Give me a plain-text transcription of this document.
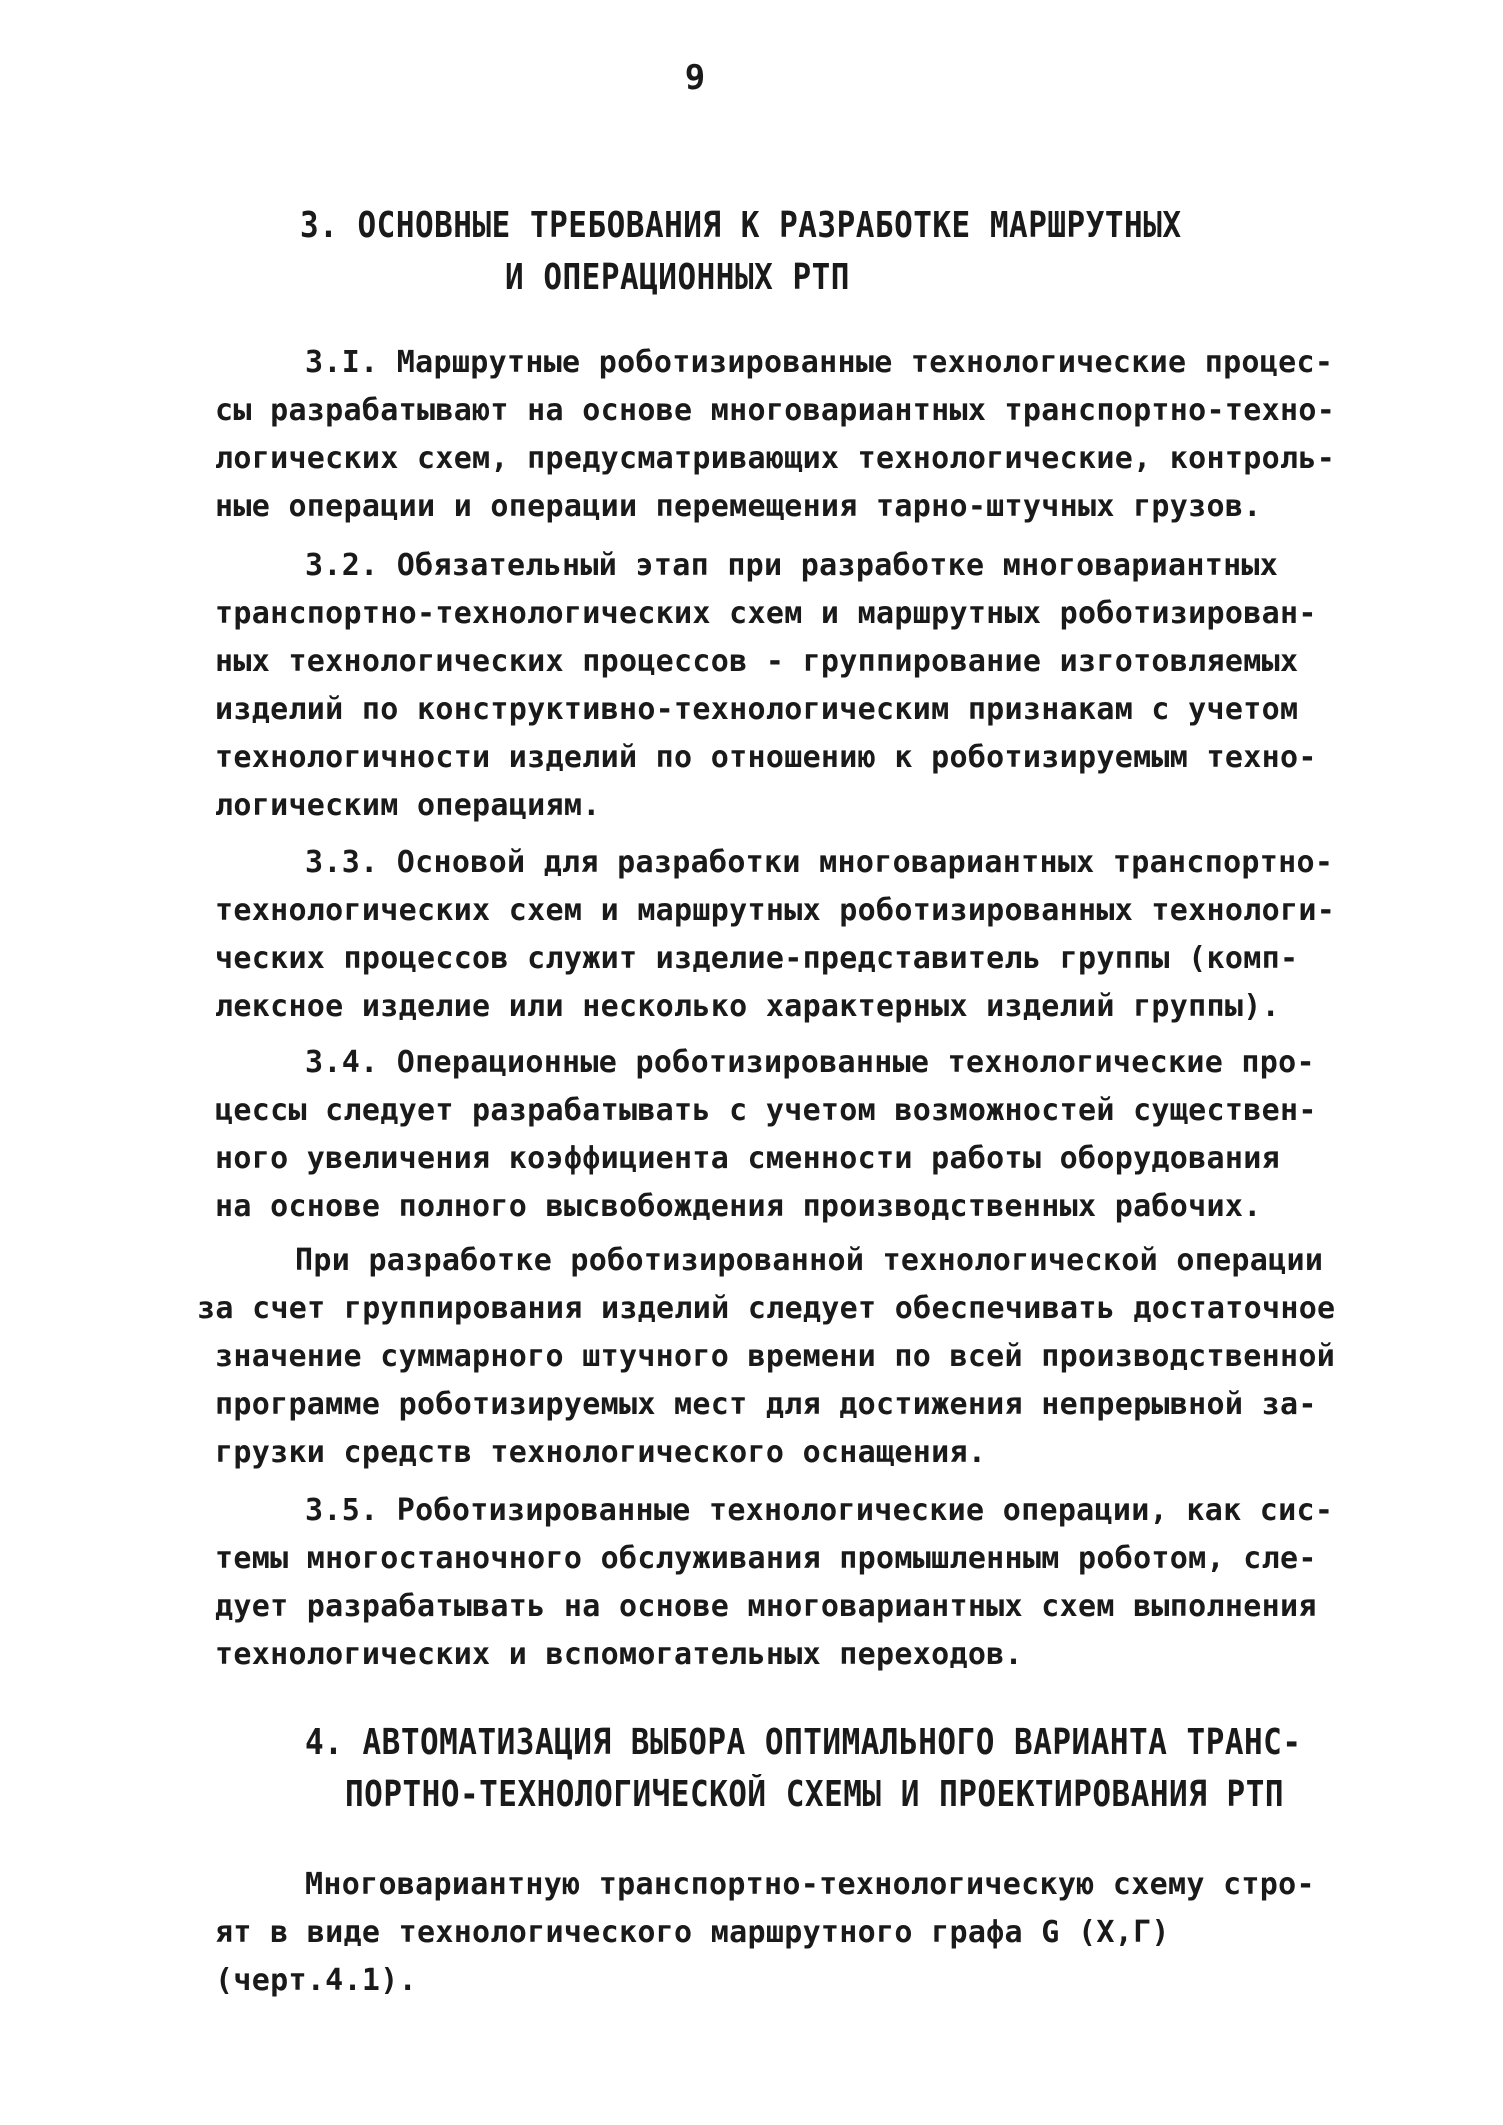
9
3. ОСНОВНЫЕ ТРЕБОВАНИЯ К РАЗРАБОТКЕ МАРШРУТНЫХ
И ОПЕРАЦИОННЫХ РТП
3.I. Маршрутные роботизированные технологические процес-
сы разрабатывают на основе многовариантных транспортно-техно-
логических схем, предусматривающих технологические, контроль-
ные операции и операции перемещения тарно-штучных грузов.
3.2. Обязательный этап при разработке многовариантных
транспортно-технологических схем и маршрутных роботизирован-
ных технологических процессов - группирование изготовляемых
изделий по конструктивно-технологическим признакам с учетом
технологичности изделий по отношению к роботизируемым техно-
логическим операциям.
3.3. Основой для разработки многовариантных транспортно-
технологических схем и маршрутных роботизированных технологи-
ческих процессов служит изделие-представитель группы (комп-
лексное изделие или несколько характерных изделий группы).
3.4. Операционные роботизированные технологические про-
цессы следует разрабатывать с учетом возможностей существен-
ного увеличения коэффициента сменности работы оборудования
на основе полного высвобождения производственных рабочих.
При разработке роботизированной технологической операции
за счет группирования изделий следует обеспечивать достаточное
значение суммарного штучного времени по всей производственной
программе роботизируемых мест для достижения непрерывной за-
грузки средств технологического оснащения.
3.5. Роботизированные технологические операции, как сис-
темы многостаночного обслуживания промышленным роботом, сле-
дует разрабатывать на основе многовариантных схем выполнения
технологических и вспомогательных переходов.
4. АВТОМАТИЗАЦИЯ ВЫБОРА ОПТИМАЛЬНОГО ВАРИАНТА ТРАНС-
ПОРТНО-ТЕХНОЛОГИЧЕСКОЙ СХЕМЫ И ПРОЕКТИРОВАНИЯ РТП
Многовариантную транспортно-технологическую схему стро-
ят в виде технологического маршрутного графа G (X,Г)
(черт.4.1).
